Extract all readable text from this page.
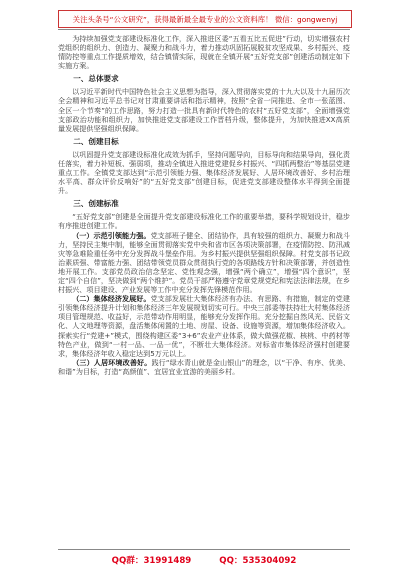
关注头条号“公文研究”，获得最新最全最专业的公文资料库！ 微信：gongwenyj

为持续加强党支部建设标准化工作，深入推进区委“五看五比五促进”行动，切实增强农村党组织的组织力、创造力、凝聚力和战斗力，着力推动巩固拓展脱贫攻坚成果、乡村振兴、疫情防控等重点工作提质增效，结合镇情实际，现就在全镇开展“五好党支部”创建活动制定如下实施方案。

一、总体要求

以习近平新时代中国特色社会主义思想为指导，深入贯彻落实党的十九大以及十九届历次全会精神和习近平总书记对甘肃重要讲话和指示精神，按照“全省一同推进、全市一张蓝图、全区一个节奏”的工作思路，努力打造一批具有新时代特色的农村“五好党支部”，全面增强党支部政治功能和组织力，加快推进党支部建设工作晋档升级，整体提升，为加快推进XX高质量发展提供坚强组织保障。

二、创建目标

以巩固提升党支部建设标准化成效为抓手，坚持问题导向，目标导向和结果导向，强化责任落实，着力补短板、强弱项，推动全镇进入推进党建促乡村振兴、“四抓两整治”等基层党建重点工作。全镇党支部达到“示范引领能力强、集体经济发展好、人居环境改善好、乡村治理水平高、群众评价反响好”的“五好党支部”创建目标，促进党支部建设整体水平得到全面提升。

三、创建标准

“五好党支部”创建是全面提升党支部建设标准化工作的重要举措，要科学规划设计，稳步有序推进创建工作。

（一）示范引领能力强。党支部班子健全、团结协作，具有较强的组织力、凝聚力和战斗力，坚持民主集中制，能够全面贯彻落实党中央和省市区各项决策部署，在疫情防控、防汛减灾等急难险重任务中充分发挥战斗堡垒作用。为乡村振兴提供坚强组织保障。村党支部书记政治素质强、带富能力强、团结带领党员群众贯彻执行党的各项路线方针和决策部署，并创造性地开展工作。支部党员政治信念坚定、党性观念强，增强“两个确立”，增强“四个意识”，坚定“四个自信”，坚决做到“两个维护”。党员干部严格遵守党章党规党纪和宪法法律法规，在乡村振兴、项目建设、产业发展等工作中充分发挥先锋模范作用。

（二）集体经济发展好。党支部发展壮大集体经济有办法、有思路、有措施，制定的党建引领集体经济提升计划和集体经济三年发展规划切实可行。中央三部委等扶持壮大村集体经济项目管理规范、收益好，示范带动作用明显，能够充分发挥作用。充分挖掘自然风光、民俗文化、人文地理等资源，盘活集体闲置的土地、房屋、设备、设施等资源，增加集体经济收入。探索实行“党建+”模式，围绕构建区委“3+6”农业产业体系，做大做强花椒、核桃、中药材等特色产业，做到“一村一品、一品一优”，不断壮大集体经济。对标省市集体经济强村创建要求，集体经济年收入稳定达到5万元以上。

（三）人居环境改善好。践行“绿水青山就是金山银山”的理念，以“干净、有序、优美、和谐”为目标，打造“高颜值”、宜居宜业宜游的美丽乡村。

QQ群：31991489	QQ：535304092
